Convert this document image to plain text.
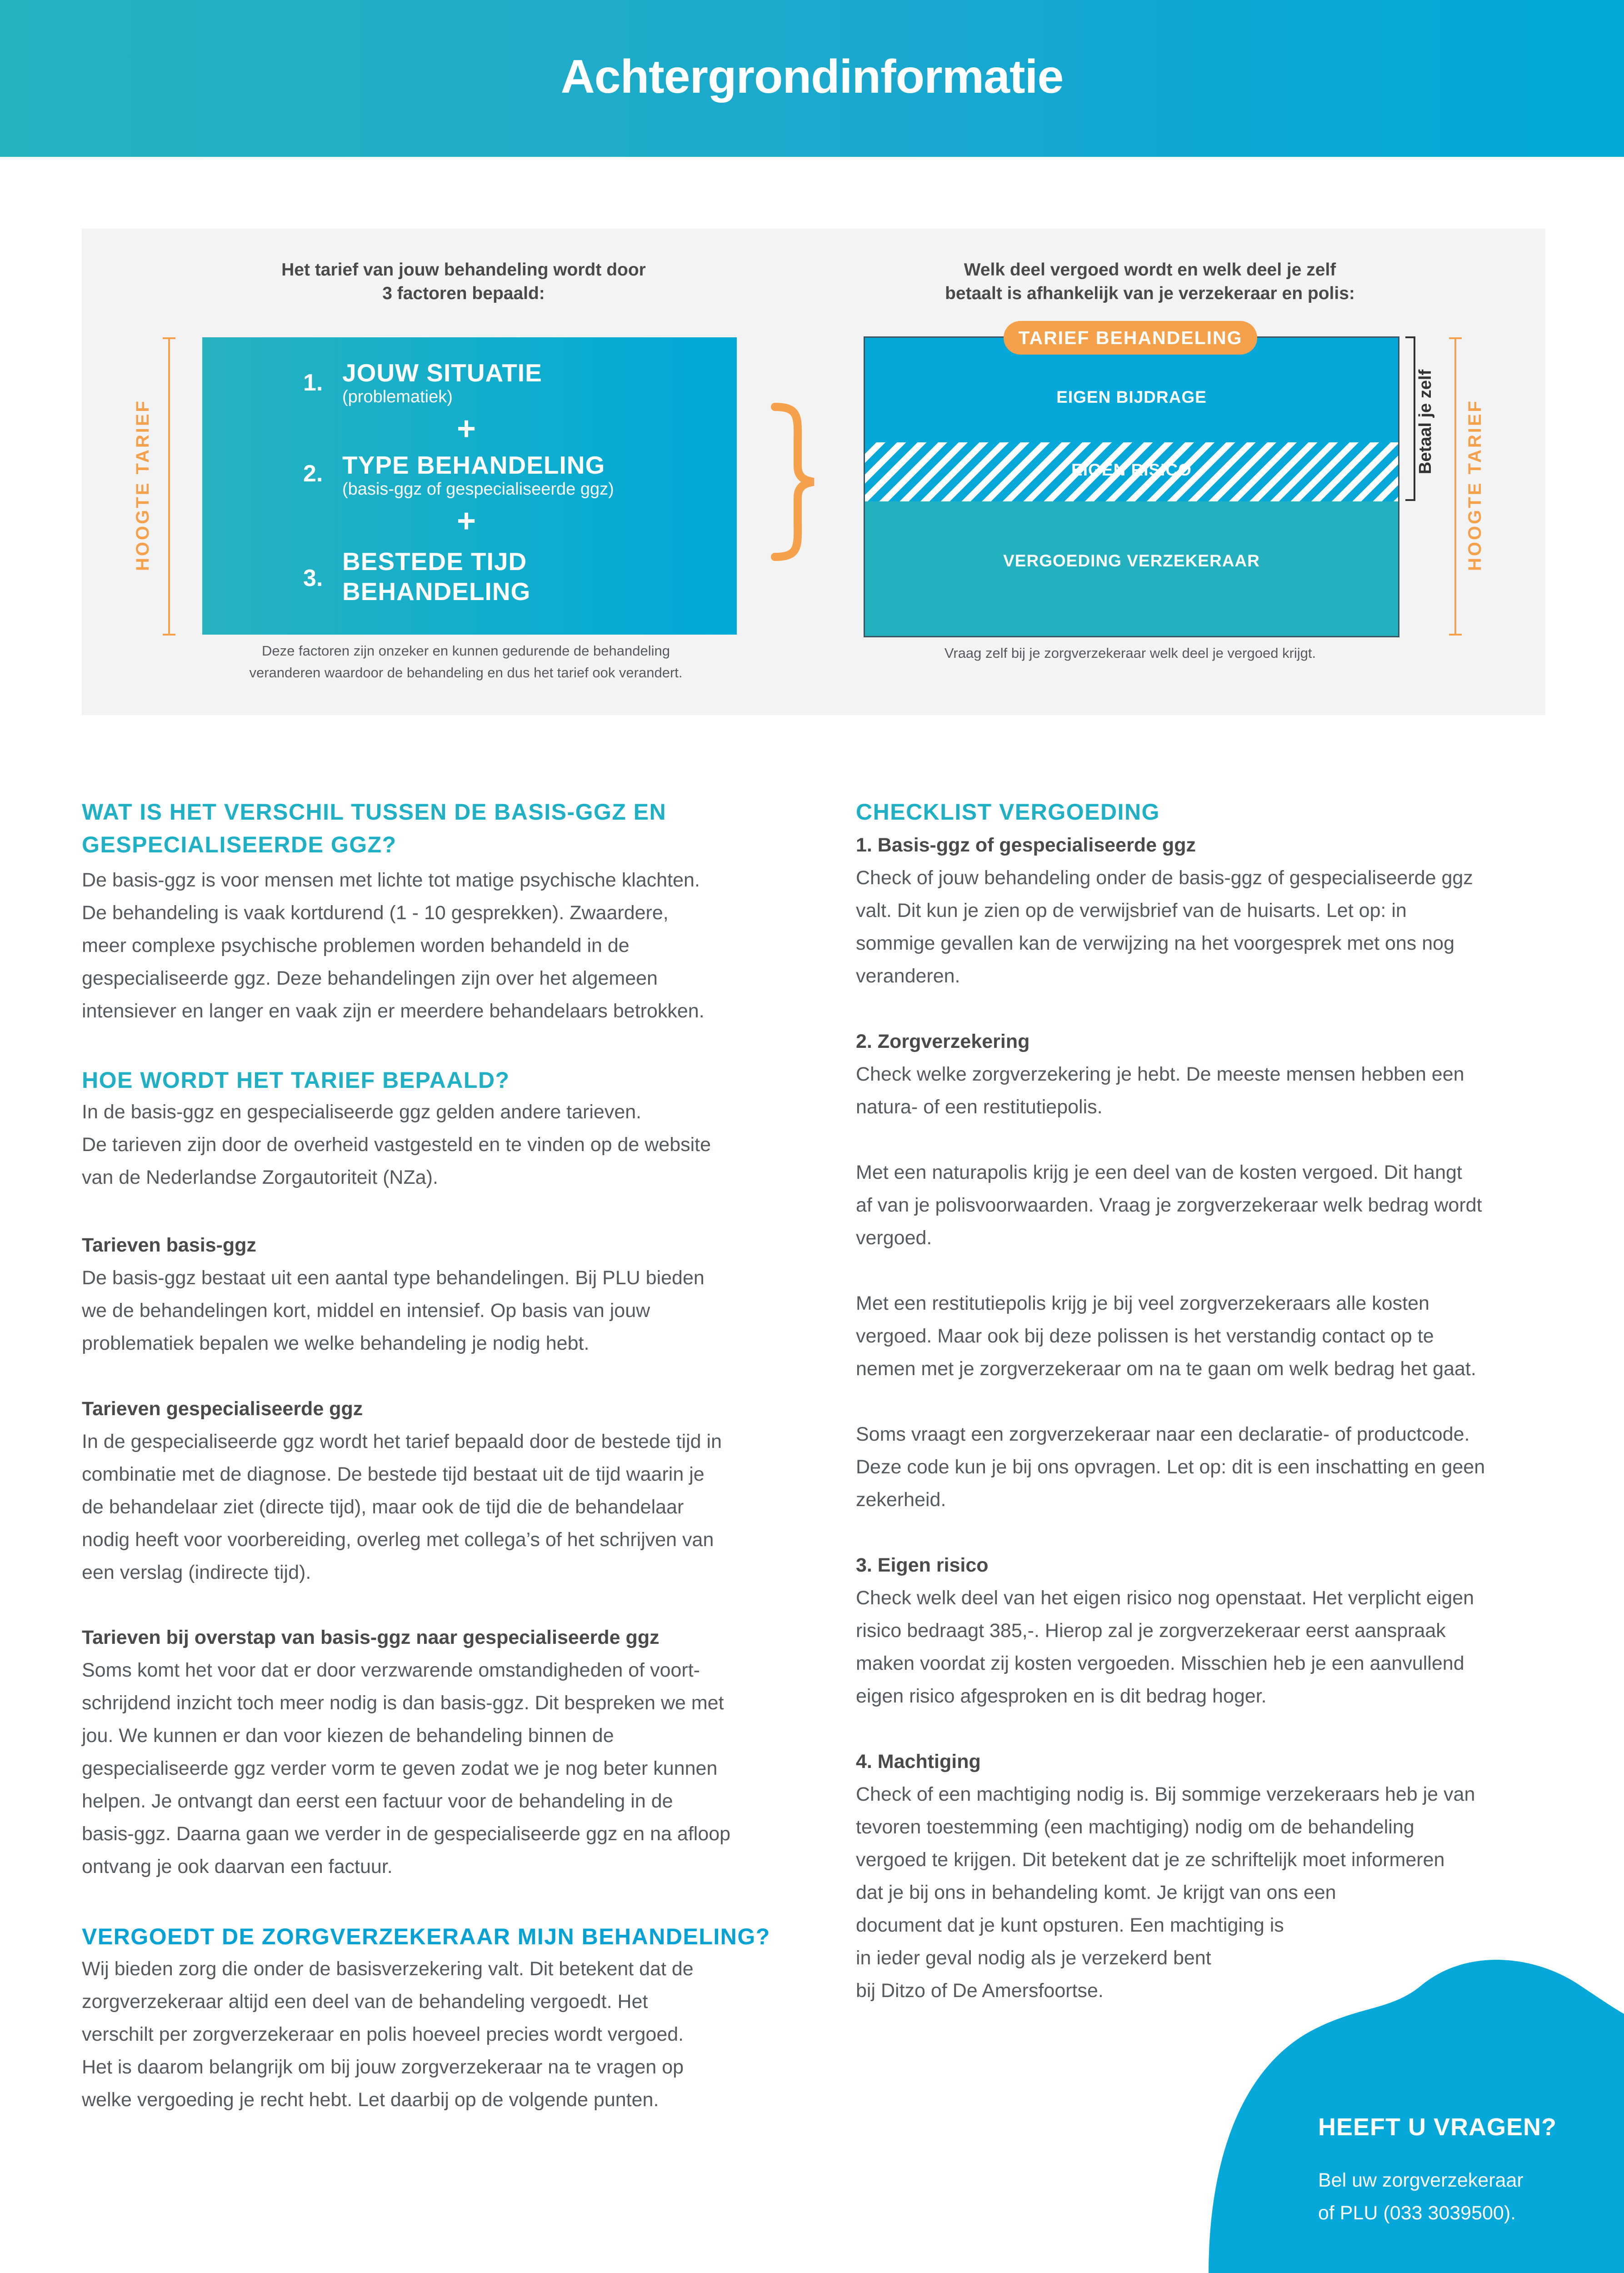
Achtergrondinformatie
Het tarief van jouw behandeling wordt door
3 factoren bepaald:
Welk deel vergoed wordt en welk deel je zelf
betaalt is afhankelijk van je verzekeraar en polis:
HOOGTE TARIEF
1. JOUW SITUATIE
(problematiek)
+
2. TYPE BEHANDELING
(basis-ggz of gespecialiseerde ggz)
+
3.
BESTEDE TIJD
BEHANDELING
Deze factoren zijn onzeker en kunnen gedurende de behandeling
veranderen waardoor de behandeling en dus het tarief ook verandert.
EIGEN BIJDRAGE
EIGEN RISICO
VERGOEDING VERZEKERAAR
TARIEF BEHANDELING
Betaal je zelf HOOGTE TARIEF
Vraag zelf bij je zorgverzekeraar welk deel je vergoed krijgt.
WAT IS HET VERSCHIL TUSSEN DE BASIS-GGZ EN
GESPECIALISEERDE GGZ?
De basis-ggz is voor mensen met lichte tot matige psychische klachten.
De behandeling is vaak kortdurend (1 - 10 gesprekken). Zwaardere,
meer complexe psychische problemen worden behandeld in de
gespecialiseerde ggz. Deze behandelingen zijn over het algemeen
intensiever en langer en vaak zijn er meerdere behandelaars betrokken.
HOE WORDT HET TARIEF BEPAALD?
In de basis-ggz en gespecialiseerde ggz gelden andere tarieven.
De tarieven zijn door de overheid vastgesteld en te vinden op de website
van de Nederlandse Zorgautoriteit (NZa).
Tarieven basis-ggz
De basis-ggz bestaat uit een aantal type behandelingen. Bij PLU bieden
we de behandelingen kort, middel en intensief. Op basis van jouw
problematiek bepalen we welke behandeling je nodig hebt.
Tarieven gespecialiseerde ggz
In de gespecialiseerde ggz wordt het tarief bepaald door de bestede tijd in
combinatie met de diagnose. De bestede tijd bestaat uit de tijd waarin je
de behandelaar ziet (directe tijd), maar ook de tijd die de behandelaar
nodig heeft voor voorbereiding, overleg met collega’s of het schrijven van
een verslag (indirecte tijd).
Tarieven bij overstap van basis-ggz naar gespecialiseerde ggz
Soms komt het voor dat er door verzwarende omstandigheden of voort-
schrijdend inzicht toch meer nodig is dan basis-ggz. Dit bespreken we met
jou. We kunnen er dan voor kiezen de behandeling binnen de
gespecialiseerde ggz verder vorm te geven zodat we je nog beter kunnen
helpen. Je ontvangt dan eerst een factuur voor de behandeling in de
basis-ggz. Daarna gaan we verder in de gespecialiseerde ggz en na afloop
ontvang je ook daarvan een factuur.
VERGOEDT DE ZORGVERZEKERAAR MIJN BEHANDELING?
Wij bieden zorg die onder de basisverzekering valt. Dit betekent dat de
zorgverzekeraar altijd een deel van de behandeling vergoedt. Het
verschilt per zorgverzekeraar en polis hoeveel precies wordt vergoed.
Het is daarom belangrijk om bij jouw zorgverzekeraar na te vragen op
welke vergoeding je recht hebt. Let daarbij op de volgende punten.
CHECKLIST VERGOEDING
1. Basis-ggz of gespecialiseerde ggz
Check of jouw behandeling onder de basis-ggz of gespecialiseerde ggz
valt. Dit kun je zien op de verwijsbrief van de huisarts. Let op: in
sommige gevallen kan de verwijzing na het voorgesprek met ons nog
veranderen.
2. Zorgverzekering
Check welke zorgverzekering je hebt. De meeste mensen hebben een
natura- of een restitutiepolis.
Met een naturapolis krijg je een deel van de kosten vergoed. Dit hangt
af van je polisvoorwaarden. Vraag je zorgverzekeraar welk bedrag wordt
vergoed.
Met een restitutiepolis krijg je bij veel zorgverzekeraars alle kosten
vergoed. Maar ook bij deze polissen is het verstandig contact op te
nemen met je zorgverzekeraar om na te gaan om welk bedrag het gaat.
Soms vraagt een zorgverzekeraar naar een declaratie- of productcode.
Deze code kun je bij ons opvragen. Let op: dit is een inschatting en geen
zekerheid.
3. Eigen risico
Check welk deel van het eigen risico nog openstaat. Het verplicht eigen
risico bedraagt 385,-. Hierop zal je zorgverzekeraar eerst aanspraak
maken voordat zij kosten vergoeden. Misschien heb je een aanvullend
eigen risico afgesproken en is dit bedrag hoger.
4. Machtiging
Check of een machtiging nodig is. Bij sommige verzekeraars heb je van
tevoren toestemming (een machtiging) nodig om de behandeling
vergoed te krijgen. Dit betekent dat je ze schriftelijk moet informeren
dat je bij ons in behandeling komt. Je krijgt van ons een
document dat je kunt opsturen. Een machtiging is
in ieder geval nodig als je verzekerd bent
bij Ditzo of De Amersfoortse.
HEEFT U VRAGEN?
Bel uw zorgverzekeraar
of PLU (033 3039500).
